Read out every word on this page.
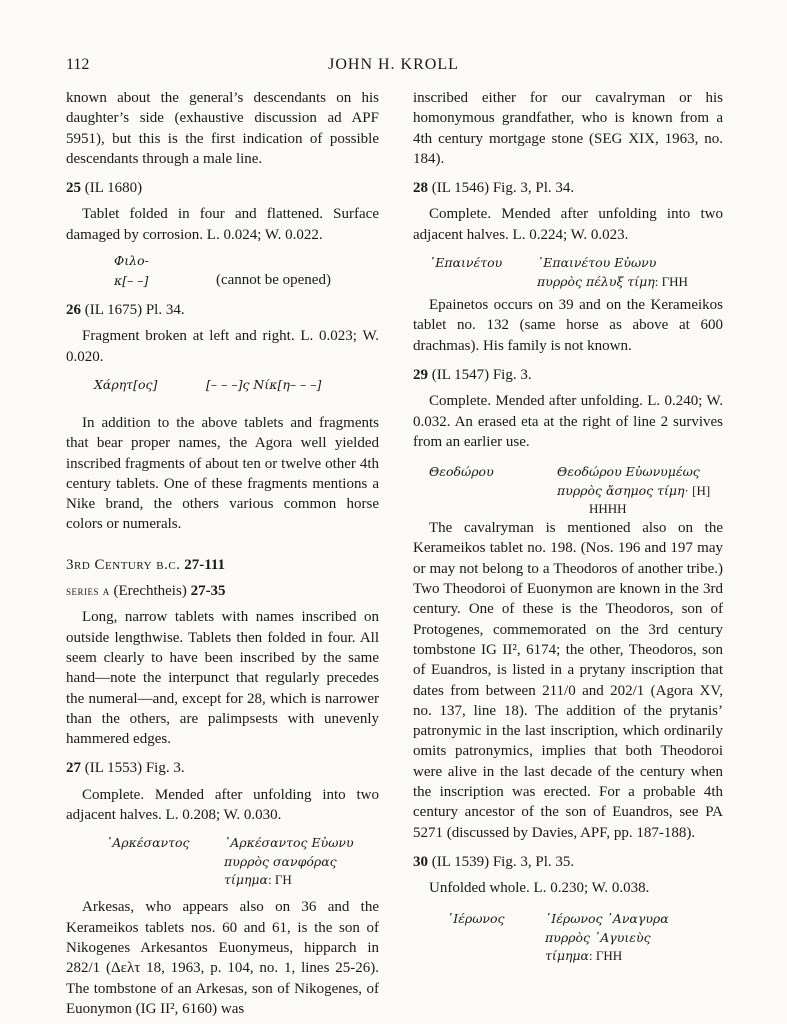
112	JOHN H. KROLL

known about the general’s descendants on his daughter’s side (exhaustive discussion ad APF 5951), but this is the first indication of possible descendants through a male line.

25 (IL 1680)

Tablet folded in four and flattened. Surface damaged by corrosion. L. 0.024; W. 0.022.

Φιλο-
κ[– –]	(cannot be opened)

26 (IL 1675) Pl. 34.

Fragment broken at left and right. L. 0.023; W. 0.020.

Χάρητ[ος]	[– – –]ς Νίκ[η– – –]

In addition to the above tablets and fragments that bear proper names, the Agora well yielded inscribed fragments of about ten or twelve other 4th century tablets. One of these fragments mentions a Nike brand, the others various common horse colors or numerals.

3rd Century b.c. 27-111

series a (Erechtheis) 27-35

Long, narrow tablets with names inscribed on outside lengthwise. Tablets then folded in four. All seem clearly to have been inscribed by the same hand—note the interpunct that regularly precedes the numeral—and, except for 28, which is narrower than the others, are palimpsests with unevenly hammered edges.

27 (IL 1553) Fig. 3.

Complete. Mended after unfolding into two adjacent halves. L. 0.208; W. 0.030.

᾿Αρκέσαντος	᾿Αρκέσαντος Εὐωνυ
πυρρὸς σανφόρας
τίμημα: ΓΗ

Arkesas, who appears also on 36 and the Kerameikos tablets nos. 60 and 61, is the son of Nikogenes Arkesantos Euonymeus, hipparch in 282/1 (Δελτ 18, 1963, p. 104, no. 1, lines 25-26). The tombstone of an Arkesas, son of Nikogenes, of Euonymon (IG II², 6160) was

inscribed either for our cavalryman or his homonymous grandfather, who is known from a 4th century mortgage stone (SEG XIX, 1963, no. 184).

28 (IL 1546) Fig. 3, Pl. 34.

Complete. Mended after unfolding into two adjacent halves. L. 0.224; W. 0.023.

᾿Επαινέτου	᾿Επαινέτου Εὐωνυ
πυρρὸς πέλυξ τίμη: ΓΗΗ

Epainetos occurs on 39 and on the Kerameikos tablet no. 132 (same horse as above at 600 drachmas). His family is not known.

29 (IL 1547) Fig. 3.

Complete. Mended after unfolding. L. 0.240; W. 0.032. An erased eta at the right of line 2 survives from an earlier use.

Θεοδώρου	Θεοδώρου Εὐωνυμέως
πυρρὸς ἄσημος τίμη· [Η]
ΗΗΗΗ

The cavalryman is mentioned also on the Kerameikos tablet no. 198. (Nos. 196 and 197 may or may not belong to a Theodoros of another tribe.) Two Theodoroi of Euonymon are known in the 3rd century. One of these is the Theodoros, son of Protogenes, commemorated on the 3rd century tombstone IG II², 6174; the other, Theodoros, son of Euandros, is listed in a prytany inscription that dates from between 211/0 and 202/1 (Agora XV, no. 137, line 18). The addition of the prytanis’ patronymic in the last inscription, which ordinarily omits patronymics, implies that both Theodoroi were alive in the last decade of the century when the inscription was erected. For a probable 4th century ancestor of the son of Euandros, see PA 5271 (discussed by Davies, APF, pp. 187-188).

30 (IL 1539) Fig. 3, Pl. 35.

Unfolded whole. L. 0.230; W. 0.038.

῾Ιέρωνος	῾Ιέρωνος ᾿Αναγυρα
πυρρὸς ᾿Αγυιεὺς
τίμημα: ΓΗΗ
